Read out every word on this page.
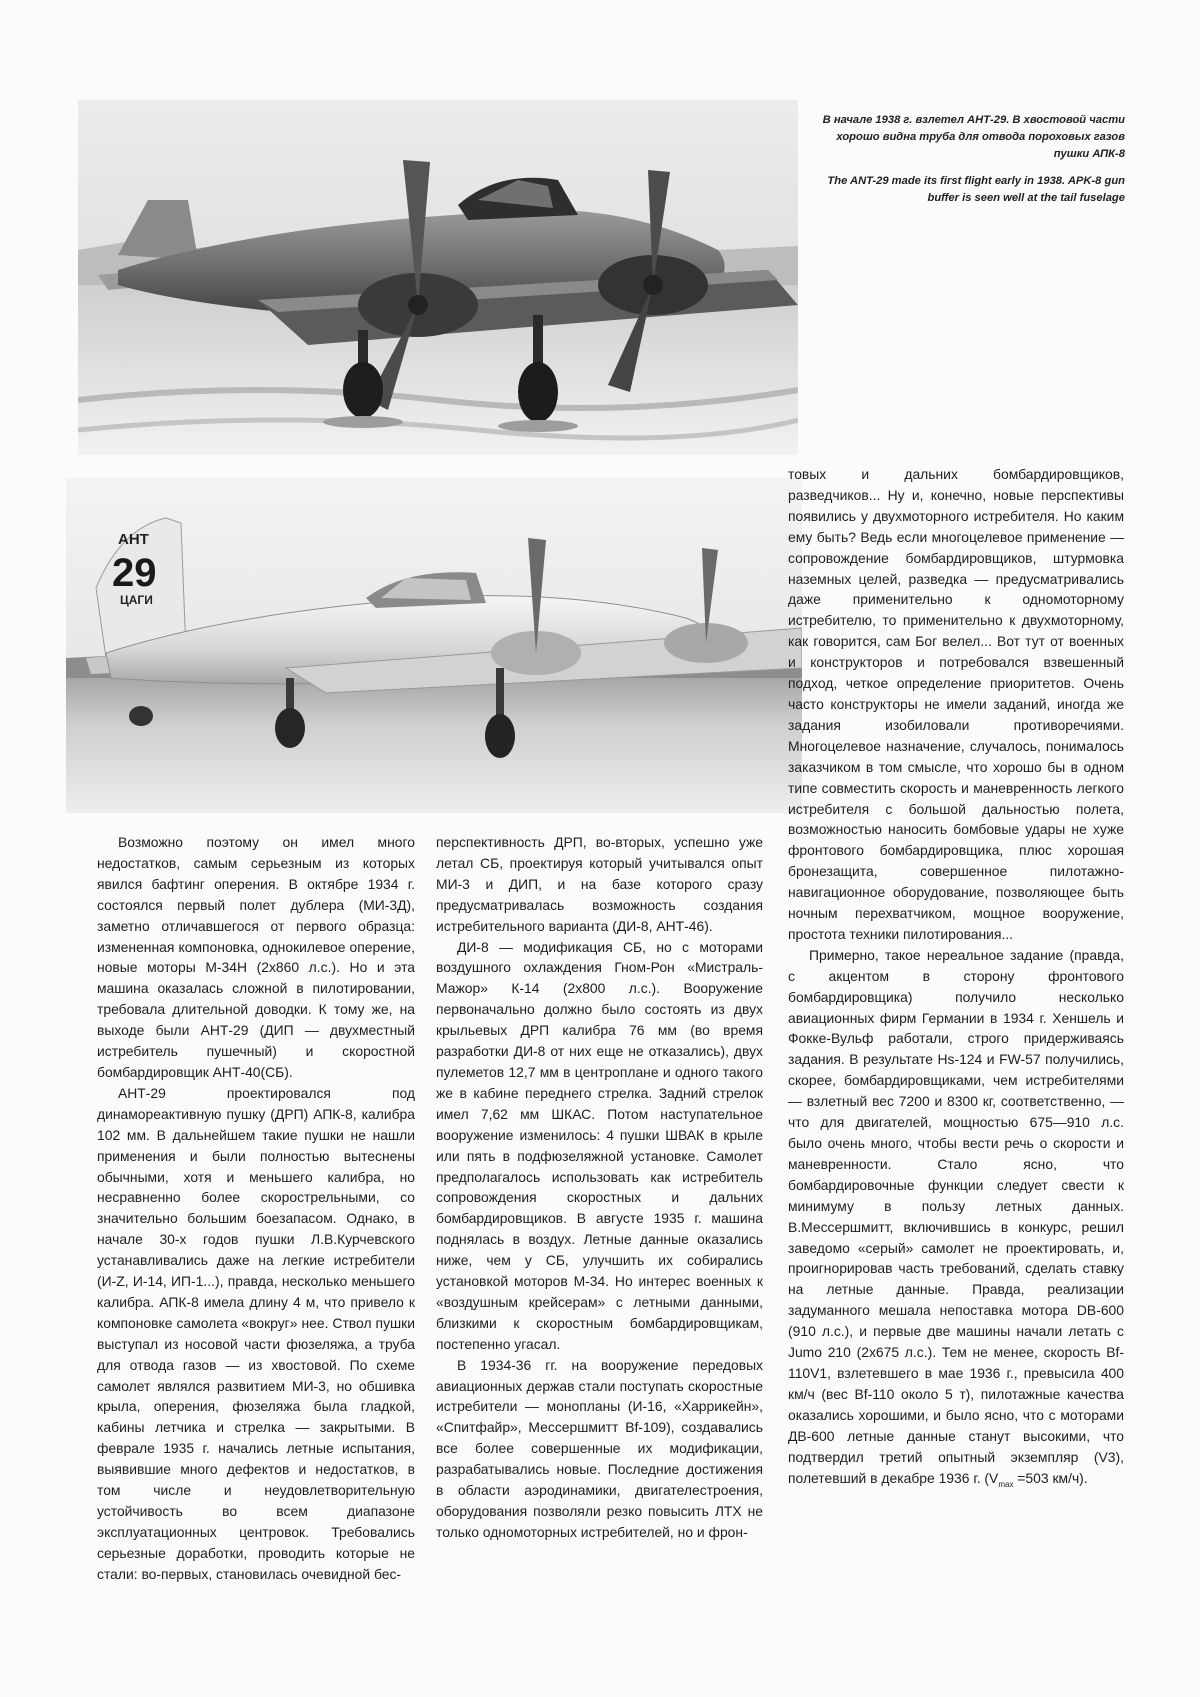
АНТ
29
ЦАГИ

В начале 1938 г. взлетел АНТ-29. В хвостовой части хорошо видна труба для отвода пороховых газов пушки АПК-8

The ANT-29 made its first flight early in 1938. APK-8 gun buffer is seen well at the tail fuselage

Возможно поэтому он имел много недостатков, самым серьезным из которых явился бафтинг оперения. В октябре 1934 г. состоялся первый полет дублера (МИ-3Д), заметно отличавшегося от первого образца: измененная компоновка, однокилевое оперение, новые моторы М-34Н (2х860 л.с.). Но и эта машина оказалась сложной в пилотировании, требовала длительной доводки. К тому же, на выходе были АНТ-29 (ДИП — двухместный истребитель пушечный) и скоростной бомбардировщик АНТ-40(СБ).

АНТ-29 проектировался под динамореактивную пушку (ДРП) АПК-8, калибра 102 мм. В дальнейшем такие пушки не нашли применения и были полностью вытеснены обычными, хотя и меньшего калибра, но несравненно более скорострельными, со значительно большим боезапасом. Однако, в начале 30-х годов пушки Л.В.Курчевского устанавливались даже на легкие истребители (И-Z, И-14, ИП-1...), правда, несколько меньшего калибра. АПК-8 имела длину 4 м, что привело к компоновке самолета «вокруг» нее. Ствол пушки выступал из носовой части фюзеляжа, а труба для отвода газов — из хвостовой. По схеме самолет являлся развитием МИ-3, но обшивка крыла, оперения, фюзеляжа была гладкой, кабины летчика и стрелка — закрытыми. В феврале 1935 г. начались летные испытания, выявившие много дефектов и недостатков, в том числе и неудовлетворительную устойчивость во всем диапазоне эксплуатационных центровок. Требовались серьезные доработки, проводить которые не стали: во-первых, становилась очевидной бес-

перспективность ДРП, во-вторых, успешно уже летал СБ, проектируя который учитывался опыт МИ-3 и ДИП, и на базе которого сразу предусматривалась возможность создания истребительного варианта (ДИ-8, АНТ-46).

ДИ-8 — модификация СБ, но с моторами воздушного охлаждения Гном-Рон «Мистраль-Мажор» К-14 (2х800 л.с.). Вооружение первоначально должно было состоять из двух крыльевых ДРП калибра 76 мм (во время разработки ДИ-8 от них еще не отказались), двух пулеметов 12,7 мм в центроплане и одного такого же в кабине переднего стрелка. Задний стрелок имел 7,62 мм ШКАС. Потом наступательное вооружение изменилось: 4 пушки ШВАК в крыле или пять в подфюзеляжной установке. Самолет предполагалось использовать как истребитель сопровождения скоростных и дальних бомбардировщиков. В августе 1935 г. машина поднялась в воздух. Летные данные оказались ниже, чем у СБ, улучшить их собирались установкой моторов М-34. Но интерес военных к «воздушным крейсерам» с летными данными, близкими к скоростным бомбардировщикам, постепенно угасал.

В 1934-36 гг. на вооружение передовых авиационных держав стали поступать скоростные истребители — монопланы (И-16, «Харрикейн», «Спитфайр», Мессершмитт Bf-109), создавались все более совершенные их модификации, разрабатывались новые. Последние достижения в области аэродинамики, двигателестроения, оборудования позволяли резко повысить ЛТХ не только одномоторных истребителей, но и фрон-

товых и дальних бомбардировщиков, разведчиков... Ну и, конечно, новые перспективы появились у двухмоторного истребителя. Но каким ему быть? Ведь если многоцелевое применение — сопровождение бомбардировщиков, штурмовка наземных целей, разведка — предусматривались даже применительно к одномоторному истребителю, то применительно к двухмоторному, как говорится, сам Бог велел... Вот тут от военных и конструкторов и потребовался взвешенный подход, четкое определение приоритетов. Очень часто конструкторы не имели заданий, иногда же задания изобиловали противоречиями. Многоцелевое назначение, случалось, понималось заказчиком в том смысле, что хорошо бы в одном типе совместить скорость и маневренность легкого истребителя с большой дальностью полета, возможностью наносить бомбовые удары не хуже фронтового бомбардировщика, плюс хорошая бронезащита, совершенное пилотажно-навигационное оборудование, позволяющее быть ночным перехватчиком, мощное вооружение, простота техники пилотирования...

Примерно, такое нереальное задание (правда, с акцентом в сторону фронтового бомбардировщика) получило несколько авиационных фирм Германии в 1934 г. Хеншель и Фокке-Вульф работали, строго придерживаясь задания. В результате Hs-124 и FW-57 получились, скорее, бомбардировщиками, чем истребителями — взлетный вес 7200 и 8300 кг, соответственно, — что для двигателей, мощностью 675—910 л.с. было очень много, чтобы вести речь о скорости и маневренности. Стало ясно, что бомбардировочные функции следует свести к минимуму в пользу летных данных. В.Мессершмитт, включившись в конкурс, решил заведомо «серый» самолет не проектировать, и, проигнорировав часть требований, сделать ставку на летные данные. Правда, реализации задуманного мешала непоставка мотора DB-600 (910 л.с.), и первые две машины начали летать с Jumo 210 (2х675 л.с.). Тем не менее, скорость Bf-110V1, взлетевшего в мае 1936 г., превысила 400 км/ч (вес Bf-110 около 5 т), пилотажные качества оказались хорошими, и было ясно, что с моторами ДВ-600 летные данные станут высокими, что подтвердил третий опытный экземпляр (V3), полетевший в декабре 1936 г. ($V_{max} =503$ км/ч).
